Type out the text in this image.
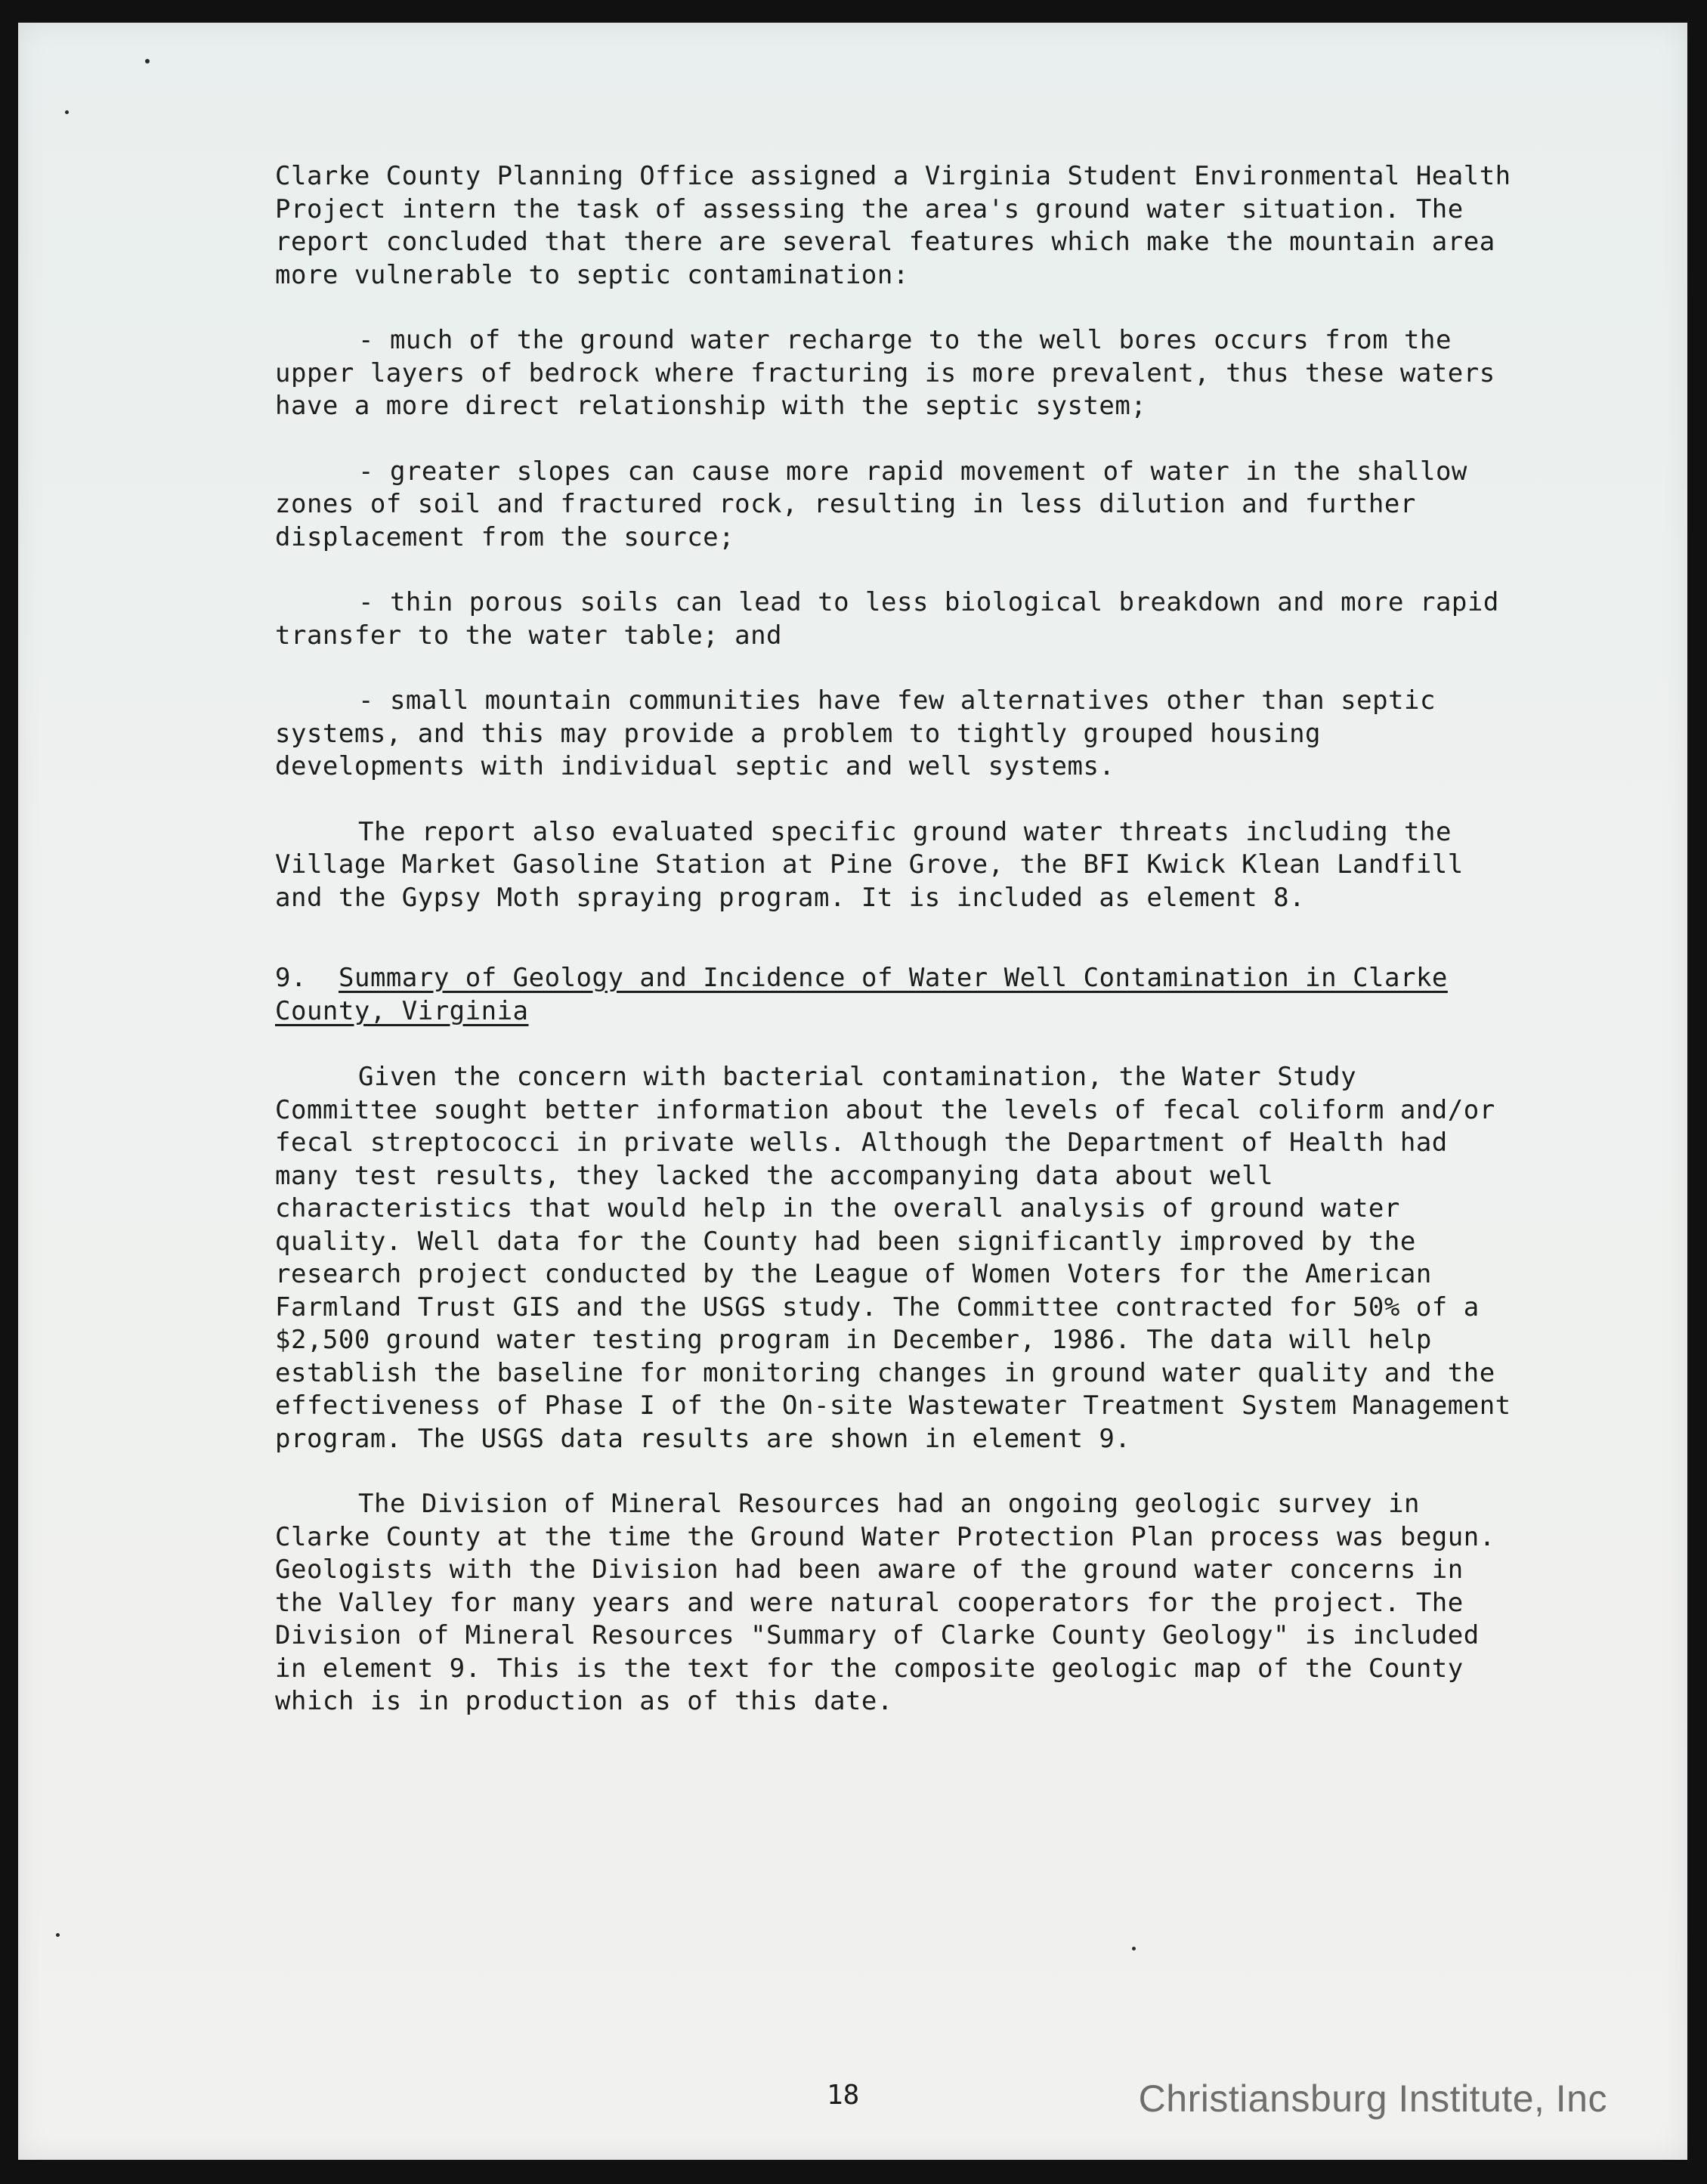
Clarke County Planning Office assigned a Virginia Student Environmental Health Project intern the task of assessing the area's ground water situation. The report concluded that there are several features which make the mountain area more vulnerable to septic contamination:

- much of the ground water recharge to the well bores occurs from the upper layers of bedrock where fracturing is more prevalent, thus these waters have a more direct relationship with the septic system;

- greater slopes can cause more rapid movement of water in the shallow zones of soil and fractured rock, resulting in less dilution and further displacement from the source;

- thin porous soils can lead to less biological breakdown and more rapid transfer to the water table; and

- small mountain communities have few alternatives other than septic systems, and this may provide a problem to tightly grouped housing developments with individual septic and well systems.

The report also evaluated specific ground water threats including the Village Market Gasoline Station at Pine Grove, the BFI Kwick Klean Landfill and the Gypsy Moth spraying program. It is included as element 8.

9. Summary of Geology and Incidence of Water Well Contamination in Clarke County, Virginia

Given the concern with bacterial contamination, the Water Study Committee sought better information about the levels of fecal coliform and/or fecal streptococci in private wells. Although the Department of Health had many test results, they lacked the accompanying data about well characteristics that would help in the overall analysis of ground water quality. Well data for the County had been significantly improved by the research project conducted by the League of Women Voters for the American Farmland Trust GIS and the USGS study. The Committee contracted for 50% of a $2,500 ground water testing program in December, 1986. The data will help establish the baseline for monitoring changes in ground water quality and the effectiveness of Phase I of the On-site Wastewater Treatment System Management program. The USGS data results are shown in element 9.

The Division of Mineral Resources had an ongoing geologic survey in Clarke County at the time the Ground Water Protection Plan process was begun. Geologists with the Division had been aware of the ground water concerns in the Valley for many years and were natural cooperators for the project. The Division of Mineral Resources "Summary of Clarke County Geology" is included in element 9. This is the text for the composite geologic map of the County which is in production as of this date.

18	Christiansburg Institute, Inc
